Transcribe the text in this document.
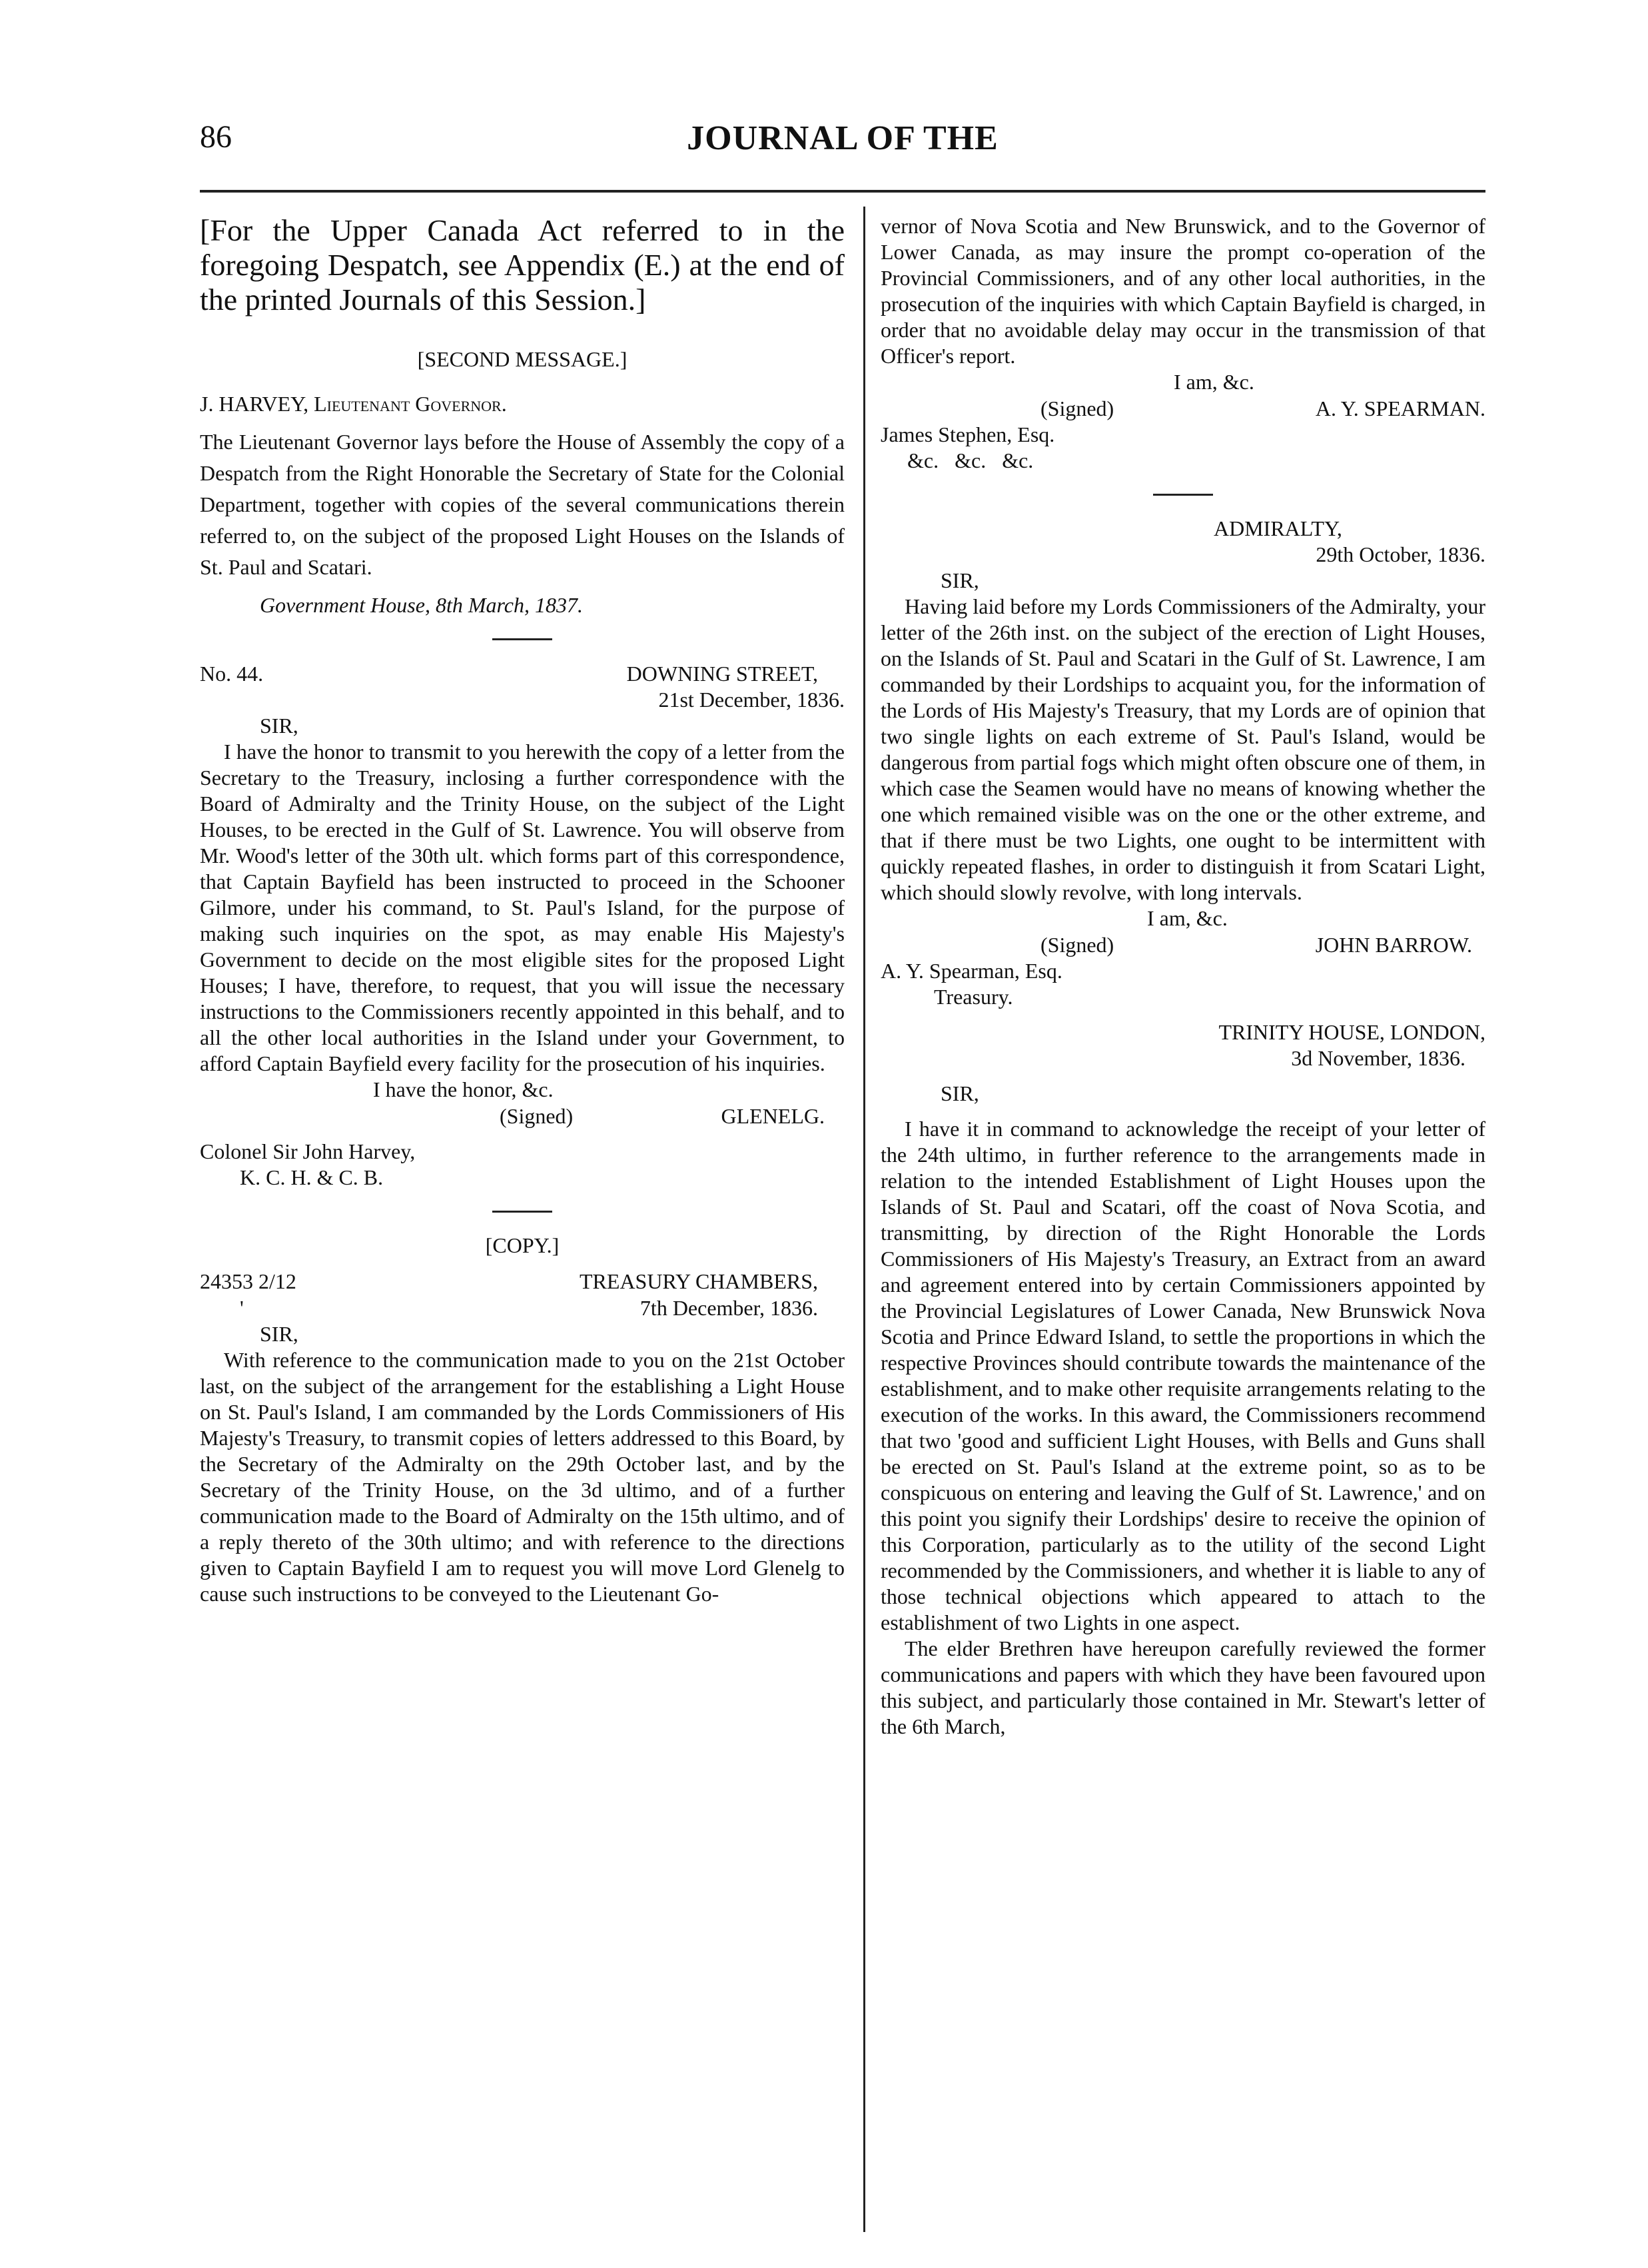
86	JOURNAL OF THE

[For the Upper Canada Act referred to in the foregoing Despatch, see Appendix (E.) at the end of the printed Journals of this Session.]

[SECOND MESSAGE.]

J. HARVEY, Lieutenant Governor.

The Lieutenant Governor lays before the House of Assembly the copy of a Despatch from the Right Honorable the Secretary of State for the Colonial Department, together with copies of the several communications therein referred to, on the subject of the proposed Light Houses on the Islands of St. Paul and Scatari.

Government House, 8th March, 1837.

No. 44.	DOWNING STREET,

21st December, 1836.

SIR,

I have the honor to transmit to you herewith the copy of a letter from the Secretary to the Treasury, inclosing a further correspondence with the Board of Admiralty and the Trinity House, on the subject of the Light Houses, to be erected in the Gulf of St. Lawrence. You will observe from Mr. Wood's letter of the 30th ult. which forms part of this correspondence, that Captain Bayfield has been instructed to proceed in the Schooner Gilmore, under his command, to St. Paul's Island, for the purpose of making such inquiries on the spot, as may enable His Majesty's Government to decide on the most eligible sites for the proposed Light Houses; I have, therefore, to request, that you will issue the necessary instructions to the Commissioners recently appointed in this behalf, and to all the other local authorities in the Island under your Government, to afford Captain Bayfield every facility for the prosecution of his inquiries.

I have the honor, &c.

(Signed)	GLENELG.

Colonel Sir John Harvey,

K. C. H. & C. B.

[COPY.]

24353 2/12	TREASURY CHAMBERS,
'	7th December, 1836.

SIR,

With reference to the communication made to you on the 21st October last, on the subject of the arrangement for the establishing a Light House on St. Paul's Island, I am commanded by the Lords Commissioners of His Majesty's Treasury, to transmit copies of letters addressed to this Board, by the Secretary of the Admiralty on the 29th October last, and by the Secretary of the Trinity House, on the 3d ultimo, and of a further communication made to the Board of Admiralty on the 15th ultimo, and of a reply thereto of the 30th ultimo; and with reference to the directions given to Captain Bayfield I am to request you will move Lord Glenelg to cause such instructions to be conveyed to the Lieutenant Go-

vernor of Nova Scotia and New Brunswick, and to the Governor of Lower Canada, as may insure the prompt co-operation of the Provincial Commissioners, and of any other local authorities, in the prosecution of the inquiries with which Captain Bayfield is charged, in order that no avoidable delay may occur in the transmission of that Officer's report.

I am, &c.

(Signed)	A. Y. SPEARMAN.

James Stephen, Esq.

&c.   &c.   &c.

ADMIRALTY,

29th October, 1836.

SIR,

Having laid before my Lords Commissioners of the Admiralty, your letter of the 26th inst. on the subject of the erection of Light Houses, on the Islands of St. Paul and Scatari in the Gulf of St. Lawrence, I am commanded by their Lordships to acquaint you, for the information of the Lords of His Majesty's Treasury, that my Lords are of opinion that two single lights on each extreme of St. Paul's Island, would be dangerous from partial fogs which might often obscure one of them, in which case the Seamen would have no means of knowing whether the one which remained visible was on the one or the other extreme, and that if there must be two Lights, one ought to be intermittent with quickly repeated flashes, in order to distinguish it from Scatari Light, which should slowly revolve, with long intervals.

I am, &c.

(Signed)	JOHN BARROW.

A. Y. Spearman, Esq.

Treasury.

TRINITY HOUSE, LONDON,

3d November, 1836.

SIR,

I have it in command to acknowledge the receipt of your letter of the 24th ultimo, in further reference to the arrangements made in relation to the intended Establishment of Light Houses upon the Islands of St. Paul and Scatari, off the coast of Nova Scotia, and transmitting, by direction of the Right Honorable the Lords Commissioners of His Majesty's Treasury, an Extract from an award and agreement entered into by certain Commissioners appointed by the Provincial Legislatures of Lower Canada, New Brunswick Nova Scotia and Prince Edward Island, to settle the proportions in which the respective Provinces should contribute towards the maintenance of the establishment, and to make other requisite arrangements relating to the execution of the works. In this award, the Commissioners recommend that two 'good and sufficient Light Houses, with Bells and Guns shall be erected on St. Paul's Island at the extreme point, so as to be conspicuous on entering and leaving the Gulf of St. Lawrence,' and on this point you signify their Lordships' desire to receive the opinion of this Corporation, particularly as to the utility of the second Light recommended by the Commissioners, and whether it is liable to any of those technical objections which appeared to attach to the establishment of two Lights in one aspect.

The elder Brethren have hereupon carefully reviewed the former communications and papers with which they have been favoured upon this subject, and particularly those contained in Mr. Stewart's letter of the 6th March,
